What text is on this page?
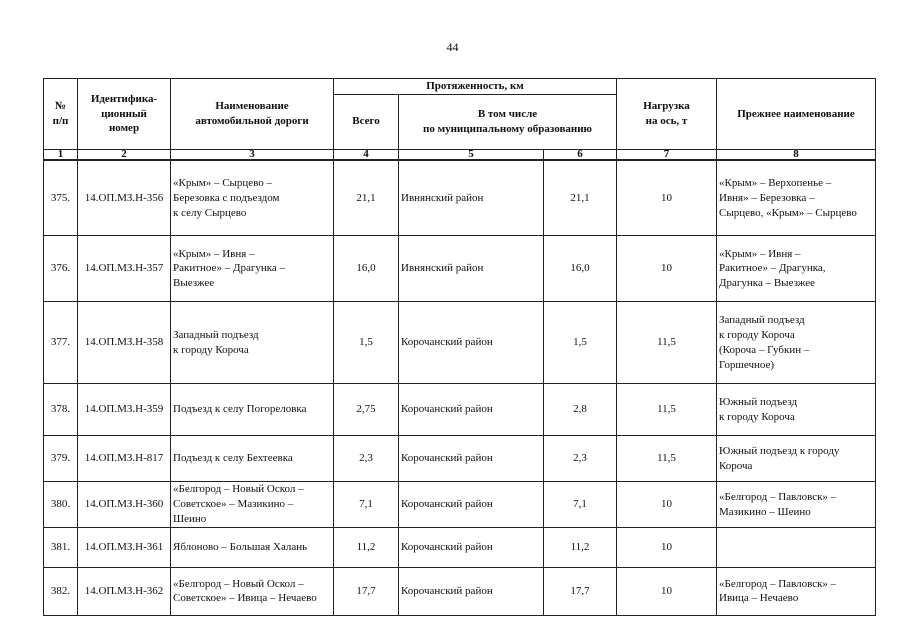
44
№
п/п	Идентифика-
ционный
номер	Наименование
автомобильной дороги	Протяженность, км			Нагрузка
на ось, т	Прежнее наименование
			Всего	В том числе
по муниципальному образованию			
1	2	3	4	5	6	7	8
375.	14.ОП.МЗ.Н-356	«Крым» – Сырцево –
Березовка с подъездом
к селу Сырцево	21,1	Ивнянский район	21,1	10	«Крым» – Верхопенье –
Ивня» – Березовка –
Сырцево, «Крым» – Сырцево
376.	14.ОП.МЗ.Н-357	«Крым» – Ивня –
Ракитное» – Драгунка –
Выезжее	16,0	Ивнянский район	16,0	10	«Крым» – Ивня –
Ракитное» – Драгунка,
Драгунка – Выезжее
377.	14.ОП.МЗ.Н-358	Западный подъезд
к городу Короча	1,5	Корочанский район	1,5	11,5	Западный подъезд
к городу Короча
(Короча – Губкин –
Горшечное)
378.	14.ОП.МЗ.Н-359	Подъезд к селу Погореловка	2,75	Корочанский район	2,8	11,5	Южный подъезд
к городу Короча
379.	14.ОП.МЗ.Н-817	Подъезд к селу Бехтеевка	2,3	Корочанский район	2,3	11,5	Южный подъезд к городу
Короча
380.	14.ОП.МЗ.Н-360	«Белгород – Новый Оскол –
Советское» – Мазикино –
Шеино	7,1	Корочанский район	7,1	10	«Белгород – Павловск» –
Мазикино – Шеино
381.	14.ОП.МЗ.Н-361	Яблоново – Большая Халань	11,2	Корочанский район	11,2	10	
382.	14.ОП.МЗ.Н-362	«Белгород – Новый Оскол –
Советское» – Ивица – Нечаево	17,7	Корочанский район	17,7	10	«Белгород – Павловск» –
Ивица – Нечаево
